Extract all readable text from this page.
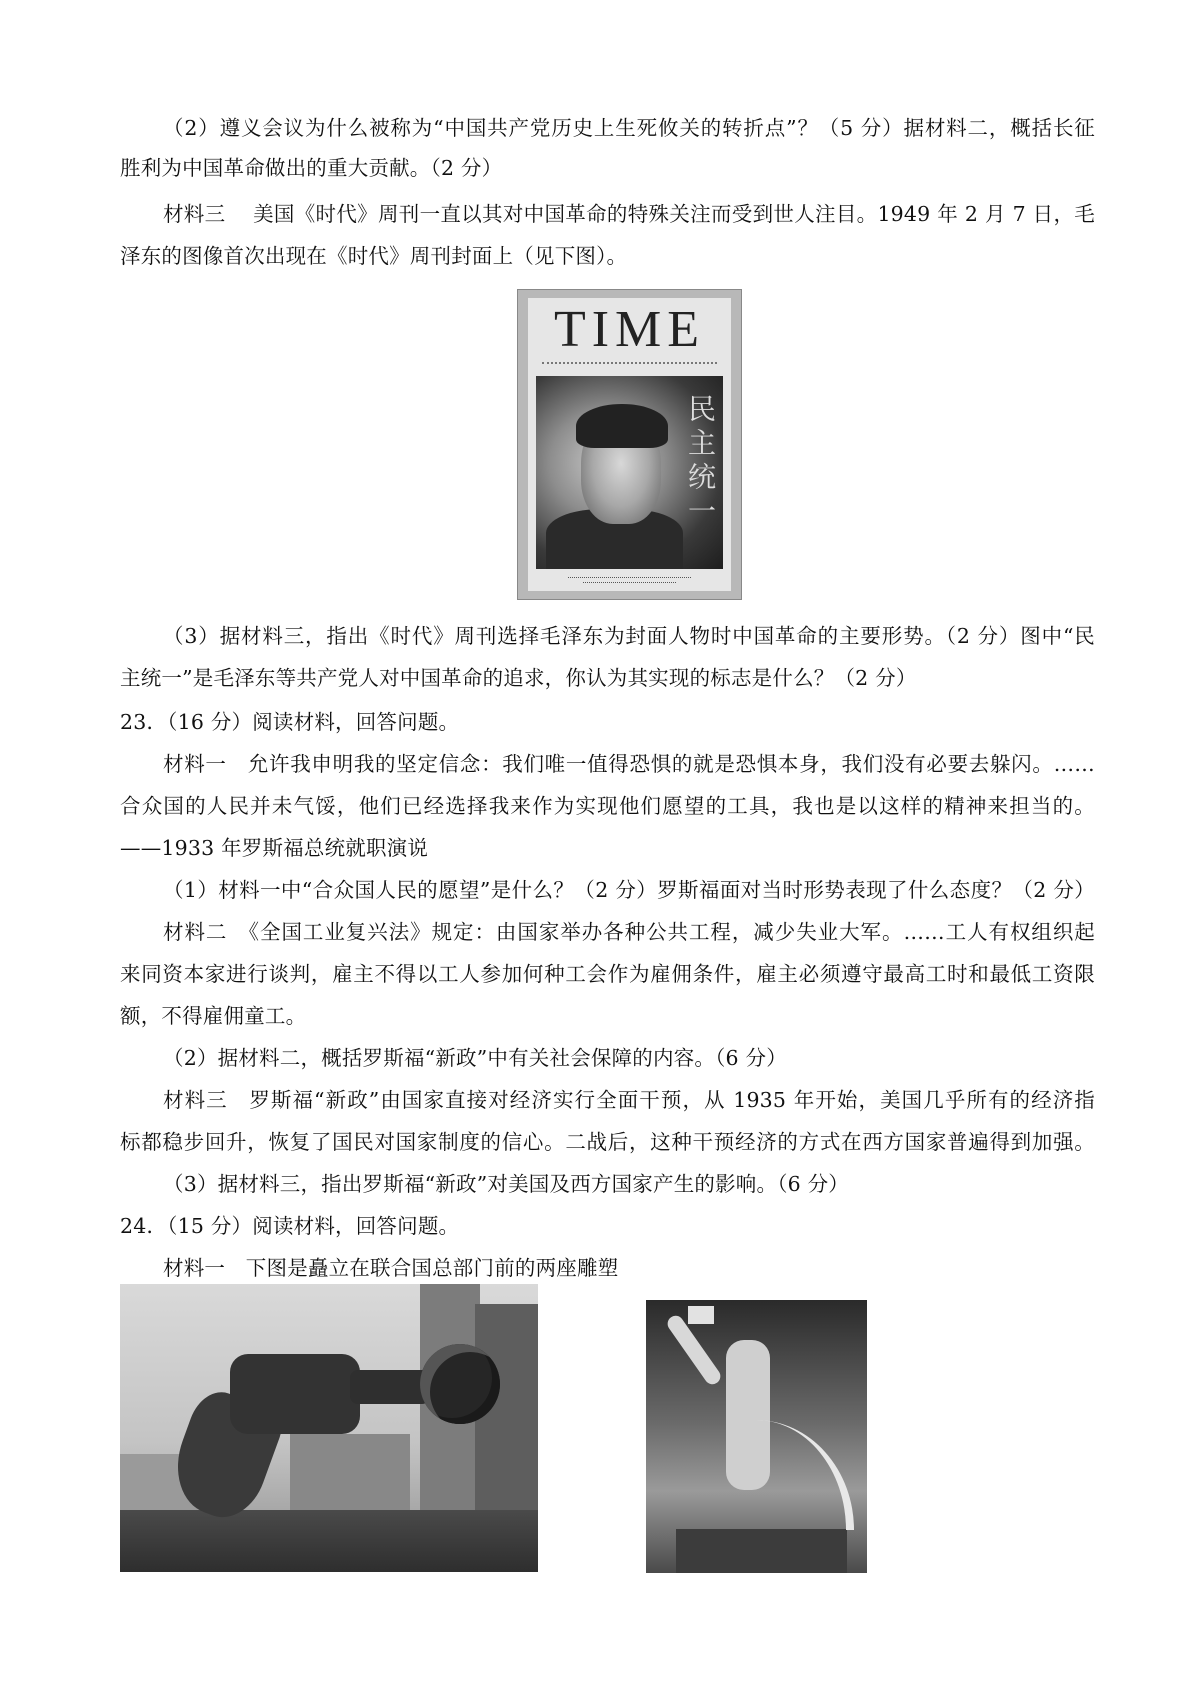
（2）遵义会议为什么被称为“中国共产党历史上生死攸关的转折点”？（5 分）据材料二，概括长征
胜利为中国革命做出的重大贡献。（2 分）
材料三　 美国《时代》周刊一直以其对中国革命的特殊关注而受到世人注目。1949 年 2 月 7 日，毛
泽东的图像首次出现在《时代》周刊封面上（见下图）。
TIME
民主统一
（3）据材料三，指出《时代》周刊选择毛泽东为封面人物时中国革命的主要形势。（2 分）图中“民
主统一”是毛泽东等共产党人对中国革命的追求，你认为其实现的标志是什么？（2 分）
23．（16 分）阅读材料，回答问题。
材料一　允许我申明我的坚定信念：我们唯一值得恐惧的就是恐惧本身，我们没有必要去躲闪。……
合众国的人民并未气馁，他们已经选择我来作为实现他们愿望的工具，我也是以这样的精神来担当的。
——1933 年罗斯福总统就职演说
（1）材料一中“合众国人民的愿望”是什么？（2 分）罗斯福面对当时形势表现了什么态度？（2 分）
材料二　《全国工业复兴法》规定：由国家举办各种公共工程，减少失业大军。……工人有权组织起
来同资本家进行谈判，雇主不得以工人参加何种工会作为雇佣条件，雇主必须遵守最高工时和最低工资限
额，不得雇佣童工。
（2）据材料二，概括罗斯福“新政”中有关社会保障的内容。（6 分）
材料三　罗斯福“新政”由国家直接对经济实行全面干预，从 1935 年开始，美国几乎所有的经济指
标都稳步回升，恢复了国民对国家制度的信心。二战后，这种干预经济的方式在西方国家普遍得到加强。
（3）据材料三，指出罗斯福“新政”对美国及西方国家产生的影响。（6 分）
24．（15 分）阅读材料，回答问题。
材料一　下图是矗立在联合国总部门前的两座雕塑
